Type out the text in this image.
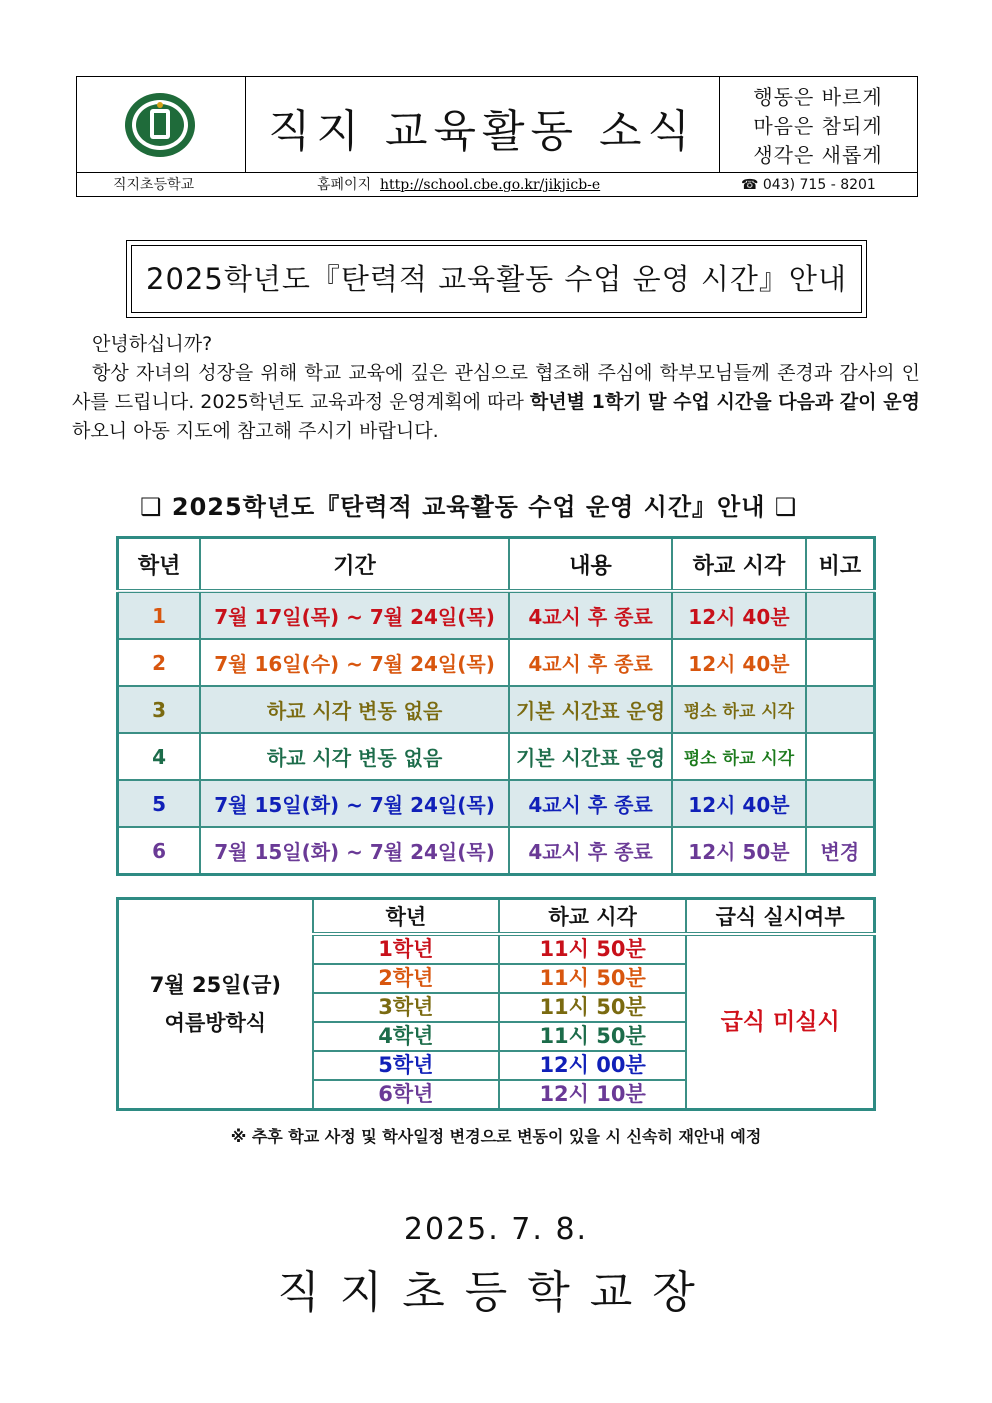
직지 교육활동 소식
행동은 바르게
마음은 참되게
생각은 새롭게
직지초등학교	홈페이지 http://school.cbe.go.kr/jikjicb-e	☎ 043) 715 - 8201
2025학년도『탄력적 교육활동 수업 운영 시간』안내
안녕하십니까?
항상 자녀의 성장을 위해 학교 교육에 깊은 관심으로 협조해 주심에 학부모님들께 존경과 감사의 인사를 드립니다. 2025학년도 교육과정 운영계획에 따라 학년별 1학기 말 수업 시간을 다음과 같이 운영하오니 아동 지도에 참고해 주시기 바랍니다.
❑ 2025학년도『탄력적 교육활동 수업 운영 시간』안내 ❑
학년	기간	내용	하교 시각	비고
1	7월 17일(목) ~ 7월 24일(목)	4교시 후 종료	12시 40분	
2	7월 16일(수) ~ 7월 24일(목)	4교시 후 종료	12시 40분	
3	하교 시각 변동 없음	기본 시간표 운영	평소 하교 시각	
4	하교 시각 변동 없음	기본 시간표 운영	평소 하교 시각	
5	7월 15일(화) ~ 7월 24일(목)	4교시 후 종료	12시 40분	
6	7월 15일(화) ~ 7월 24일(목)	4교시 후 종료	12시 50분	변경
7월 25일(금)
여름방학식	학년	하교 시각	급식 실시여부
	1학년	11시 50분	급식 미실시
	2학년	11시 50분	
	3학년	11시 50분	
	4학년	11시 50분	
	5학년	12시 00분	
	6학년	12시 10분	
※ 추후 학교 사정 및 학사일정 변경으로 변동이 있을 시 신속히 재안내 예정
2025. 7. 8.
직지초등학교장
